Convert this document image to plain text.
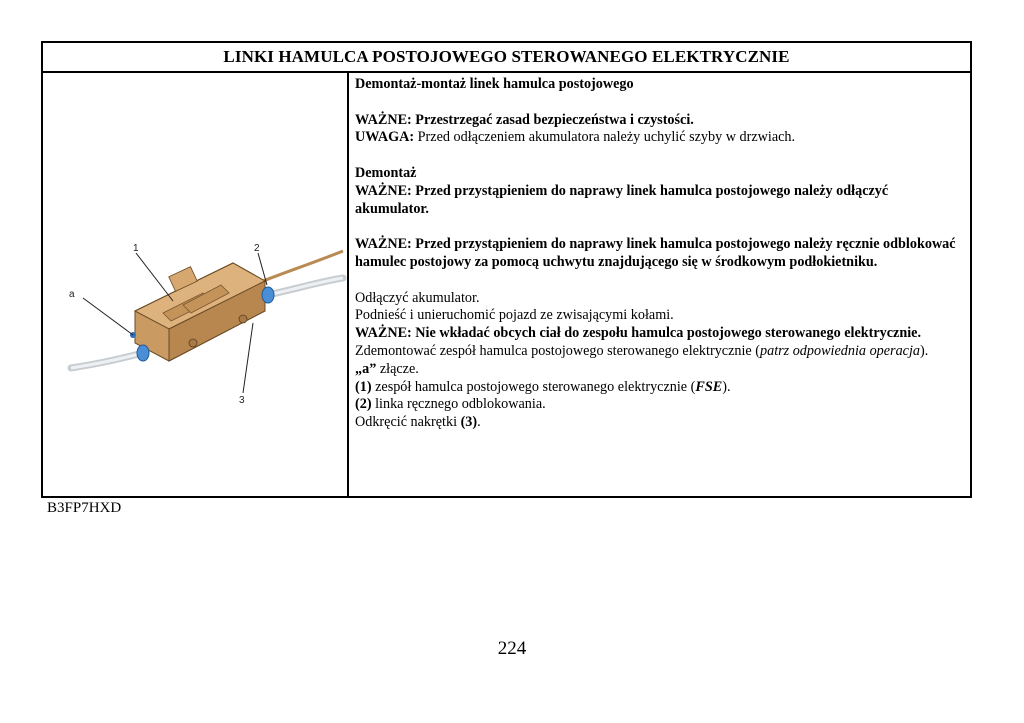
LINKI HAMULCA POSTOJOWEGO STEROWANEGO ELEKTRYCZNIE
1	2
a
3

Demontaż-montaż linek hamulca postojowego

WAŻNE: Przestrzegać zasad bezpieczeństwa i czystości.

UWAGA: Przed odłączeniem akumulatora należy uchylić szyby w drzwiach.

Demontaż

WAŻNE: Przed przystąpieniem do naprawy linek hamulca postojowego należy odłączyć akumulator.

WAŻNE: Przed przystąpieniem do naprawy linek hamulca postojowego należy ręcznie odblokować hamulec postojowy za pomocą uchwytu znajdującego się w środkowym podłokietniku.

Odłączyć akumulator.

Podnieść i unieruchomić pojazd ze zwisającymi kołami.

WAŻNE: Nie wkładać obcych ciał do zespołu hamulca postojowego sterowanego elektrycznie.

Zdemontować zespół hamulca postojowego sterowanego elektrycznie (patrz odpowiednia operacja).

„a” złącze.

(1) zespół hamulca postojowego sterowanego elektrycznie (FSE).

(2) linka ręcznego odblokowania.

Odkręcić nakrętki (3).

B3FP7HXD
224
